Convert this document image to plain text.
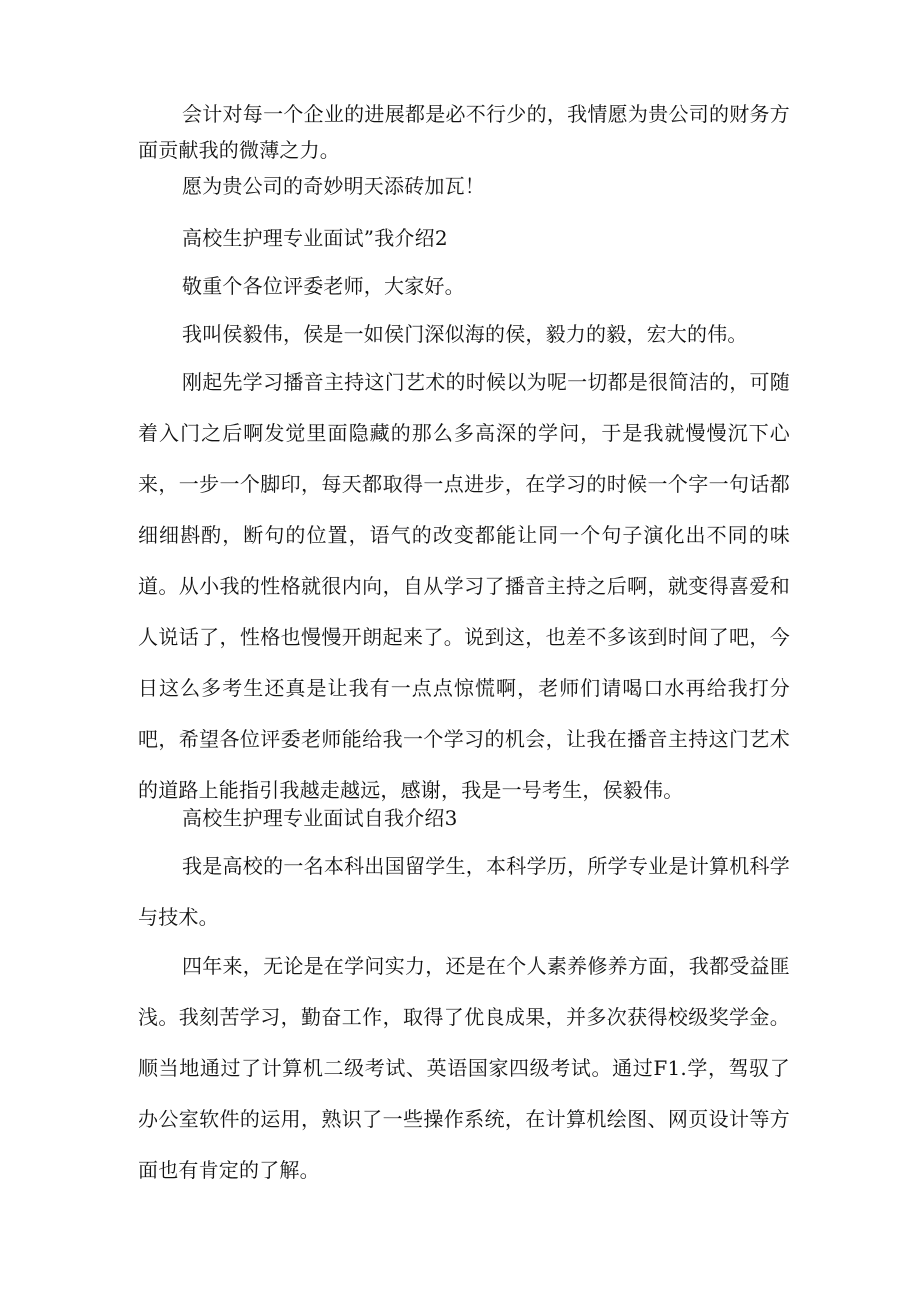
会计对每一个企业的进展都是必不行少的，我情愿为贵公司的财务方面贡献我的微薄之力。

愿为贵公司的奇妙明天添砖加瓦！

高校生护理专业面试”我介绍2

敬重个各位评委老师，大家好。

我叫侯毅伟，侯是一如侯门深似海的侯，毅力的毅，宏大的伟。

刚起先学习播音主持这门艺术的时候以为呢一切都是很简洁的，可随着入门之后啊发觉里面隐藏的那么多高深的学问，于是我就慢慢沉下心来，一步一个脚印，每天都取得一点进步，在学习的时候一个字一句话都细细斟酌，断句的位置，语气的改变都能让同一个句子演化出不同的味道。从小我的性格就很内向，自从学习了播音主持之后啊，就变得喜爱和人说话了，性格也慢慢开朗起来了。说到这，也差不多该到时间了吧，今日这么多考生还真是让我有一点点惊慌啊，老师们请喝口水再给我打分吧，希望各位评委老师能给我一个学习的机会，让我在播音主持这门艺术的道路上能指引我越走越远，感谢，我是一号考生，侯毅伟。

高校生护理专业面试自我介绍3

我是高校的一名本科出国留学生，本科学历，所学专业是计算机科学与技术。

四年来，无论是在学问实力，还是在个人素养修养方面，我都受益匪浅。我刻苦学习，勤奋工作，取得了优良成果，并多次获得校级奖学金。顺当地通过了计算机二级考试、英语国家四级考试。通过F1.学，驾驭了办公室软件的运用，熟识了一些操作系统，在计算机绘图、网页设计等方面也有肯定的了解。
